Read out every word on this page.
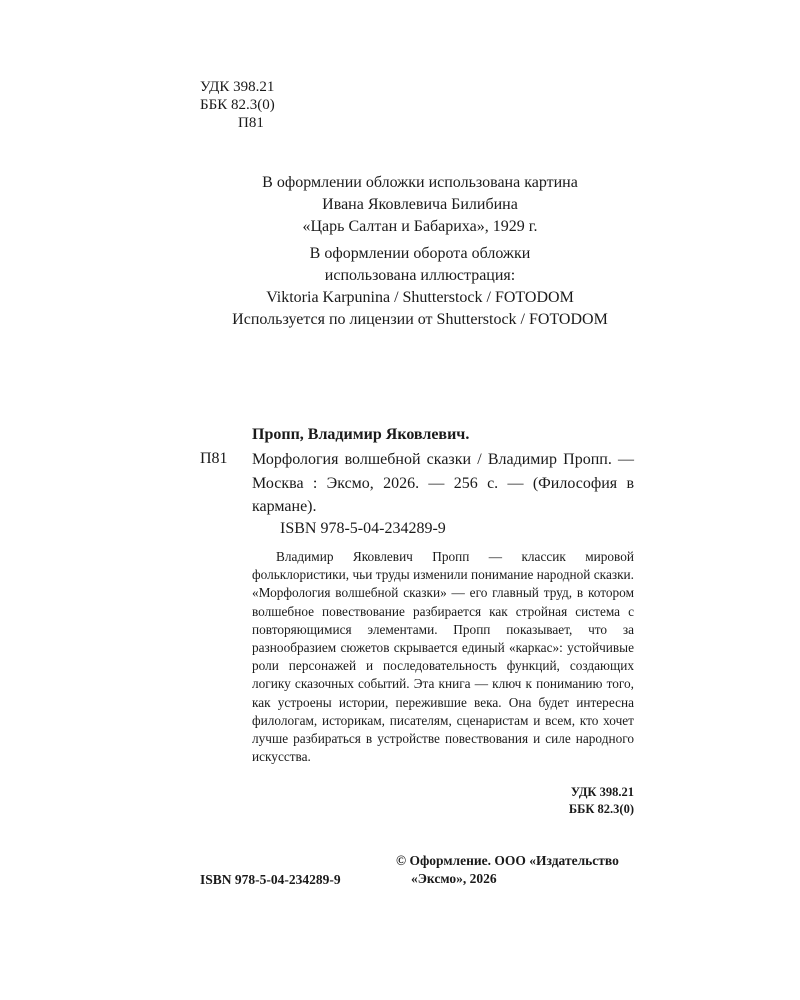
УДК 398.21
ББК 82.3(0)
П81
В оформлении обложки использована картина
Ивана Яковлевича Билибина
«Царь Салтан и Бабариха», 1929 г.
В оформлении оборота обложки
использована иллюстрация:
Viktoria Karpunina / Shutterstock / FOTODOM
Используется по лицензии от Shutterstock / FOTODOM
Пропп, Владимир Яковлевич.
П81 Морфология волшебной сказки / Владимир Пропп. — Москва : Эксмо, 2026. — 256 с. — (Философия в кармане).
ISBN 978-5-04-234289-9
Владимир Яковлевич Пропп — классик мировой фольклористики, чьи труды изменили понимание народной сказки. «Морфология волшебной сказки» — его главный труд, в котором волшебное повествование разбирается как стройная система с повторяющимися элементами. Пропп показывает, что за разнообразием сюжетов скрывается единый «каркас»: устойчивые роли персонажей и последовательность функций, создающих логику сказочных событий. Эта книга — ключ к пониманию того, как устроены истории, пережившие века. Она будет интересна филологам, историкам, писателям, сценаристам и всем, кто хочет лучше разбираться в устройстве повествования и силе народного искусства.
УДК 398.21
ББК 82.3(0)
© Оформление. ООО «Издательство
«Эксмо», 2026
ISBN 978-5-04-234289-9
